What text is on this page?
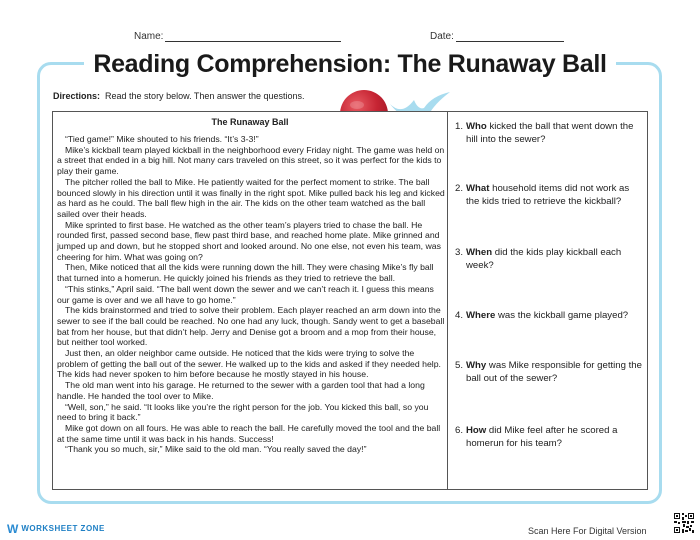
Name:	Date:
Reading Comprehension: The Runaway Ball
Directions: Read the story below. Then answer the questions.
The Runaway Ball

“Tied game!” Mike shouted to his friends. “It’s 3-3!”

Mike’s kickball team played kickball in the neighborhood every Friday night. The game was held on a street that ended in a big hill. Not many cars traveled on this street, so it was perfect for the kids to play their game.

The pitcher rolled the ball to Mike. He patiently waited for the perfect moment to strike. The ball bounced slowly in his direction until it was finally in the right spot. Mike pulled back his leg and kicked as hard as he could. The ball flew high in the air. The kids on the other team watched as the ball sailed over their heads.

Mike sprinted to first base. He watched as the other team’s players tried to chase the ball. He rounded first, passed second base, flew past third base, and reached home plate. Mike grinned and jumped up and down, but he stopped short and looked around. No one else, not even his team, was cheering for him. What was going on?

Then, Mike noticed that all the kids were running down the hill. They were chasing Mike’s fly ball that turned into a homerun. He quickly joined his friends as they tried to retrieve the ball.

“This stinks,” April said. “The ball went down the sewer and we can’t reach it. I guess this means our game is over and we all have to go home.”

The kids brainstormed and tried to solve their problem. Each player reached an arm down into the sewer to see if the ball could be reached. No one had any luck, though. Sandy went to get a baseball bat from her house, but that didn’t help. Jerry and Denise got a broom and a mop from their house, but neither tool worked.

Just then, an older neighbor came outside. He noticed that the kids were trying to solve the problem of getting the ball out of the sewer. He walked up to the kids and asked if they needed help. The kids had never spoken to him before because he mostly stayed in his house.

The old man went into his garage. He returned to the sewer with a garden tool that had a long handle. He handed the tool over to Mike.

“Well, son,” he said. “It looks like you’re the right person for the job. You kicked this ball, so you need to bring it back.”

Mike got down on all fours. He was able to reach the ball. He carefully moved the tool and the ball at the same time until it was back in his hands. Success!

“Thank you so much, sir,” Mike said to the old man. “You really saved the day!”

1. Who kicked the ball that went down the hill into the sewer?
2. What household items did not work as the kids tried to retrieve the kickball?
3. When did the kids play kickball each week?
4. Where was the kickball game played?
5. Why was Mike responsible for getting the ball out of the sewer?
6. How did Mike feel after he scored a homerun for his team?
WWORKSHEET ZONE	Scan Here For Digital Version
